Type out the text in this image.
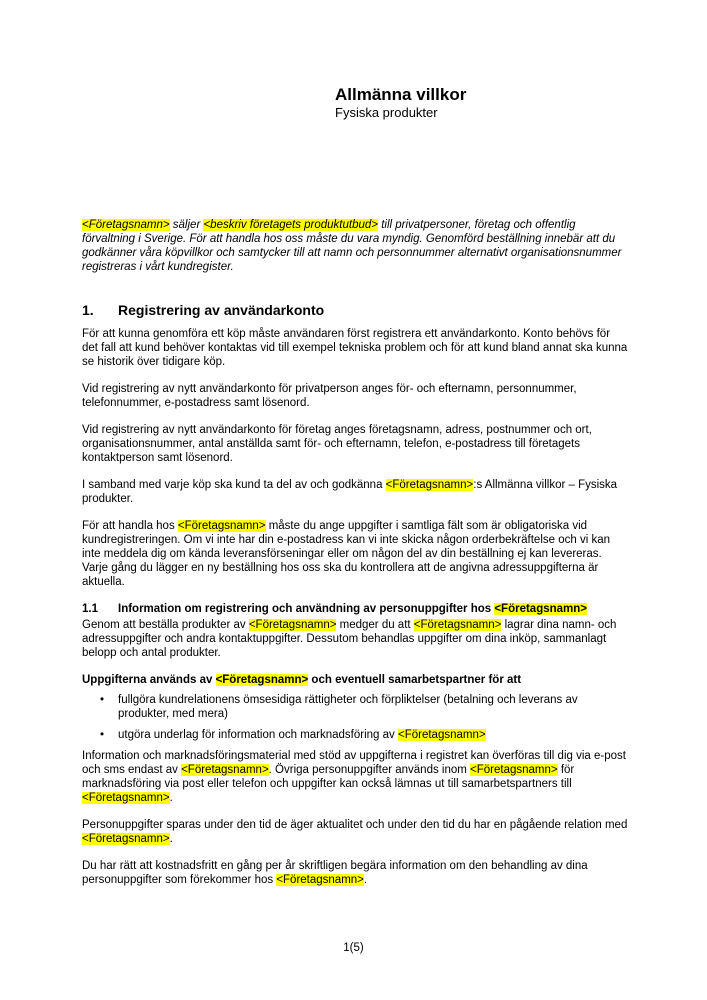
Allmänna villkor
Fysiska produkter

<Företagsnamn> säljer <beskriv företagets produktutbud> till privatpersoner, företag och offentlig förvaltning i Sverige. För att handla hos oss måste du vara myndig. Genomförd beställning innebär att du godkänner våra köpvillkor och samtycker till att namn och personnummer alternativt organisationsnummer registreras i vårt kundregister.

1. Registrering av användarkonto

För att kunna genomföra ett köp måste användaren först registrera ett användarkonto. Konto behövs för det fall att kund behöver kontaktas vid till exempel tekniska problem och för att kund bland annat ska kunna se historik över tidigare köp.

Vid registrering av nytt användarkonto för privatperson anges för- och efternamn, personnummer, telefonnummer, e-postadress samt lösenord.

Vid registrering av nytt användarkonto för företag anges företagsnamn, adress, postnummer och ort, organisationsnummer, antal anställda samt för- och efternamn, telefon, e-postadress till företagets kontaktperson samt lösenord.

I samband med varje köp ska kund ta del av och godkänna <Företagsnamn>:s Allmänna villkor – Fysiska produkter.

För att handla hos <Företagsnamn> måste du ange uppgifter i samtliga fält som är obligatoriska vid kundregistreringen. Om vi inte har din e-postadress kan vi inte skicka någon orderbekräftelse och vi kan inte meddela dig om kända leveransförseningar eller om någon del av din beställning ej kan levereras. Varje gång du lägger en ny beställning hos oss ska du kontrollera att de angivna adressuppgifterna är aktuella.

1.1 Information om registrering och användning av personuppgifter hos <Företagsnamn>

Genom att beställa produkter av <Företagsnamn> medger du att <Företagsnamn> lagrar dina namn- och adressuppgifter och andra kontaktuppgifter. Dessutom behandlas uppgifter om dina inköp, sammanlagt belopp och antal produkter.

Uppgifterna används av <Företagsnamn> och eventuell samarbetspartner för att

•	fullgöra kundrelationens ömsesidiga rättigheter och förpliktelser (betalning och leverans av produkter, med mera)
•	utgöra underlag för information och marknadsföring av <Företagsnamn>

Information och marknadsföringsmaterial med stöd av uppgifterna i registret kan överföras till dig via e-post och sms endast av <Företagsnamn>. Övriga personuppgifter används inom <Företagsnamn> för marknadsföring via post eller telefon och uppgifter kan också lämnas ut till samarbetspartners till <Företagsnamn>.

Personuppgifter sparas under den tid de äger aktualitet och under den tid du har en pågående relation med <Företagsnamn>.

Du har rätt att kostnadsfritt en gång per år skriftligen begära information om den behandling av dina personuppgifter som förekommer hos <Företagsnamn>.

1(5)
